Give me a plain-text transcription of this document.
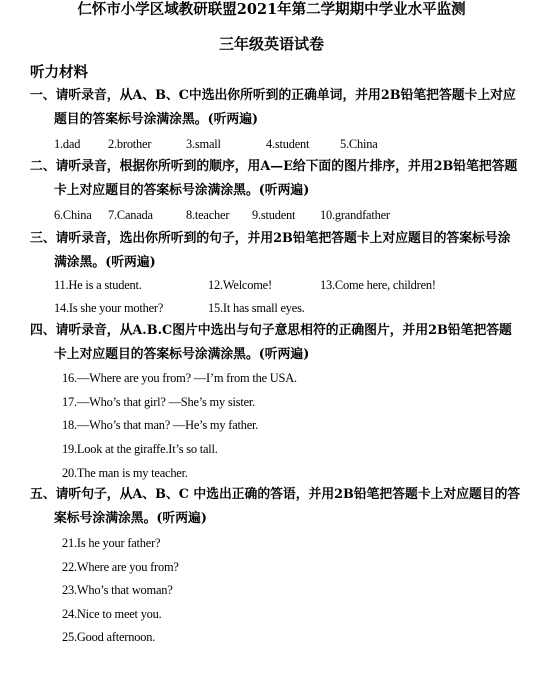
仁怀市小学区域教研联盟2021年第二学期期中学业水平监测
三年级英语试卷
听力材料
一、请听录音，从A、B、C中选出你所听到的正确单词，并用2B铅笔把答题卡上对应
题目的答案标号涂满涂黑。(听两遍)
1.dad 2.brother	3.small	4.student 5.China
二、请听录音，根据你所听到的顺序，用A—E给下面的图片排序，并用2B铅笔把答题
卡上对应题目的答案标号涂满涂黑。(听两遍)
6.China 7.Canada	8.teacher 9.student 10.grandfather
三、请听录音，选出你所听到的句子，并用2B铅笔把答题卡上对应题目的答案标号涂
满涂黑。(听两遍)
11.He is a student.	12.Welcome!	13.Come here, children!
14.Is she your mother?	15.It has small eyes.
四、请听录音，从A.B.C图片中选出与句子意思相符的正确图片，并用2B铅笔把答题
卡上对应题目的答案标号涂满涂黑。(听两遍)
16.—Where are you from? —I’m from the USA.
17.—Who’s that girl? —She’s my sister.
18.—Who’s that man? —He’s my father.
19.Look at the giraffe.It’s so tall.
20.The man is my teacher.
五、请听句子，从A、B、C 中选出正确的答语，并用2B铅笔把答题卡上对应题目的答
案标号涂满涂黑。(听两遍)
21.Is he your father?
22.Where are you from?
23.Who’s that woman?
24.Nice to meet you.
25.Good afternoon.
